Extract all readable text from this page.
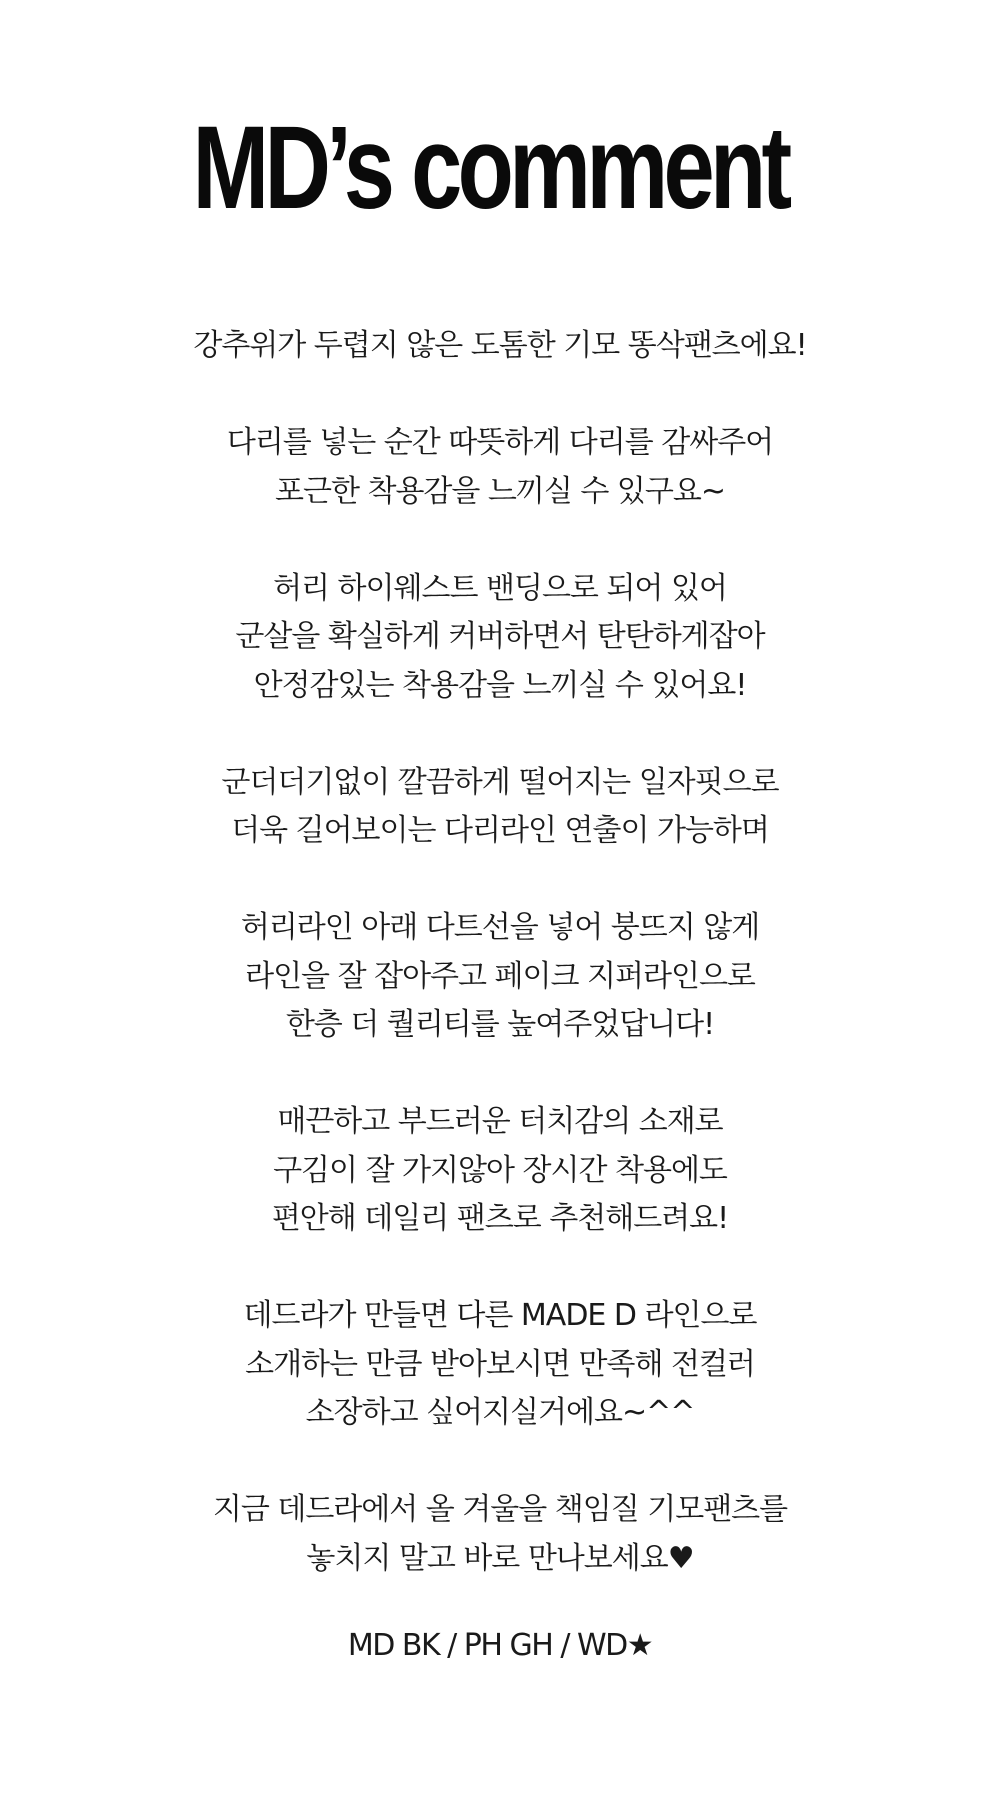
MD’s comment
강추위가 두렵지 않은 도톰한 기모 똥삭팬츠에요!
다리를 넣는 순간 따뜻하게 다리를 감싸주어
포근한 착용감을 느끼실 수 있구요~
허리 하이웨스트 밴딩으로 되어 있어
군살을 확실하게 커버하면서 탄탄하게잡아
안정감있는 착용감을 느끼실 수 있어요!
군더더기없이 깔끔하게 떨어지는 일자핏으로
더욱 길어보이는 다리라인 연출이 가능하며
허리라인 아래 다트선을 넣어 붕뜨지 않게
라인을 잘 잡아주고 페이크 지퍼라인으로
한층 더 퀄리티를 높여주었답니다!
매끈하고 부드러운 터치감의 소재로
구김이 잘 가지않아 장시간 착용에도
편안해 데일리 팬츠로 추천해드려요!
데드라가 만들면 다른 MADE D 라인으로
소개하는 만큼 받아보시면 만족해 전컬러
소장하고 싶어지실거에요~^^
지금 데드라에서 올 겨울을 책임질 기모팬츠를
놓치지 말고 바로 만나보세요♥
MD BK / PH GH / WD★
